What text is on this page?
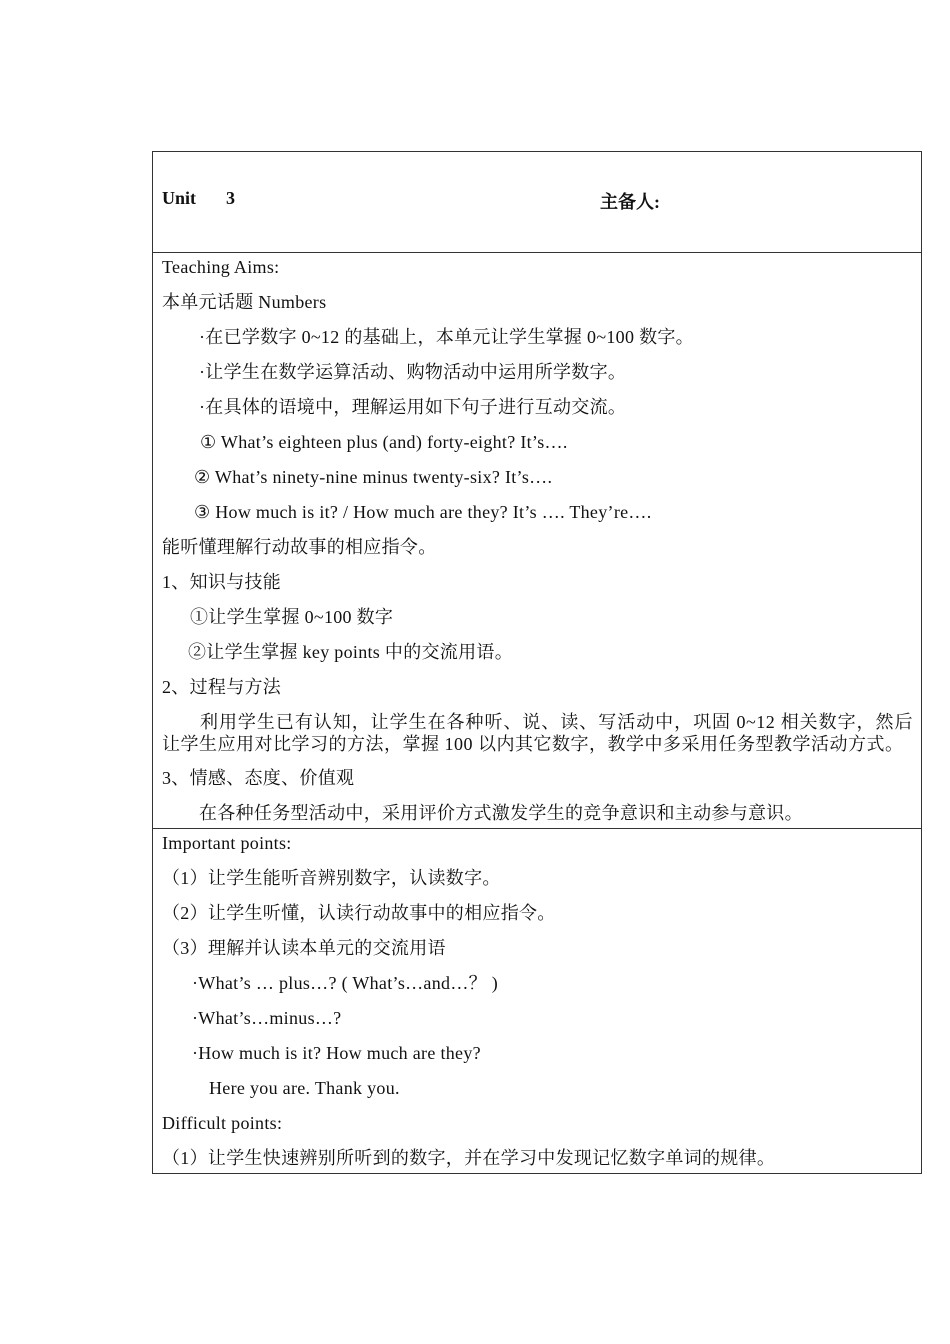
Unit 3	主备人:
Teaching Aims:
本单元话题 Numbers
·在已学数字 0~12 的基础上，本单元让学生掌握 0~100 数字。
·让学生在数学运算活动、购物活动中运用所学数字。
·在具体的语境中，理解运用如下句子进行互动交流。
① What’s eighteen plus (and) forty-eight? It’s….
② What’s ninety-nine minus twenty-six? It’s….
③ How much is it? / How much are they? It’s …. They’re….
能听懂理解行动故事的相应指令。
1、知识与技能
①让学生掌握 0~100 数字
②让学生掌握 key points 中的交流用语。
2、过程与方法
利用学生已有认知，让学生在各种听、说、读、写活动中，巩固 0~12 相关数字，然后让学生应用对比学习的方法，掌握 100 以内其它数字，教学中多采用任务型教学活动方式。
3、情感、态度、价值观
在各种任务型活动中，采用评价方式激发学生的竞争意识和主动参与意识。
Important points:
（1）让学生能听音辨别数字，认读数字。
（2）让学生听懂，认读行动故事中的相应指令。
（3）理解并认读本单元的交流用语
·What’s … plus…? ( What’s…and…？ )
·What’s…minus…?
·How much is it? How much are they?
Here you are. Thank you.
Difficult points:
（1）让学生快速辨别所听到的数字，并在学习中发现记忆数字单词的规律。
